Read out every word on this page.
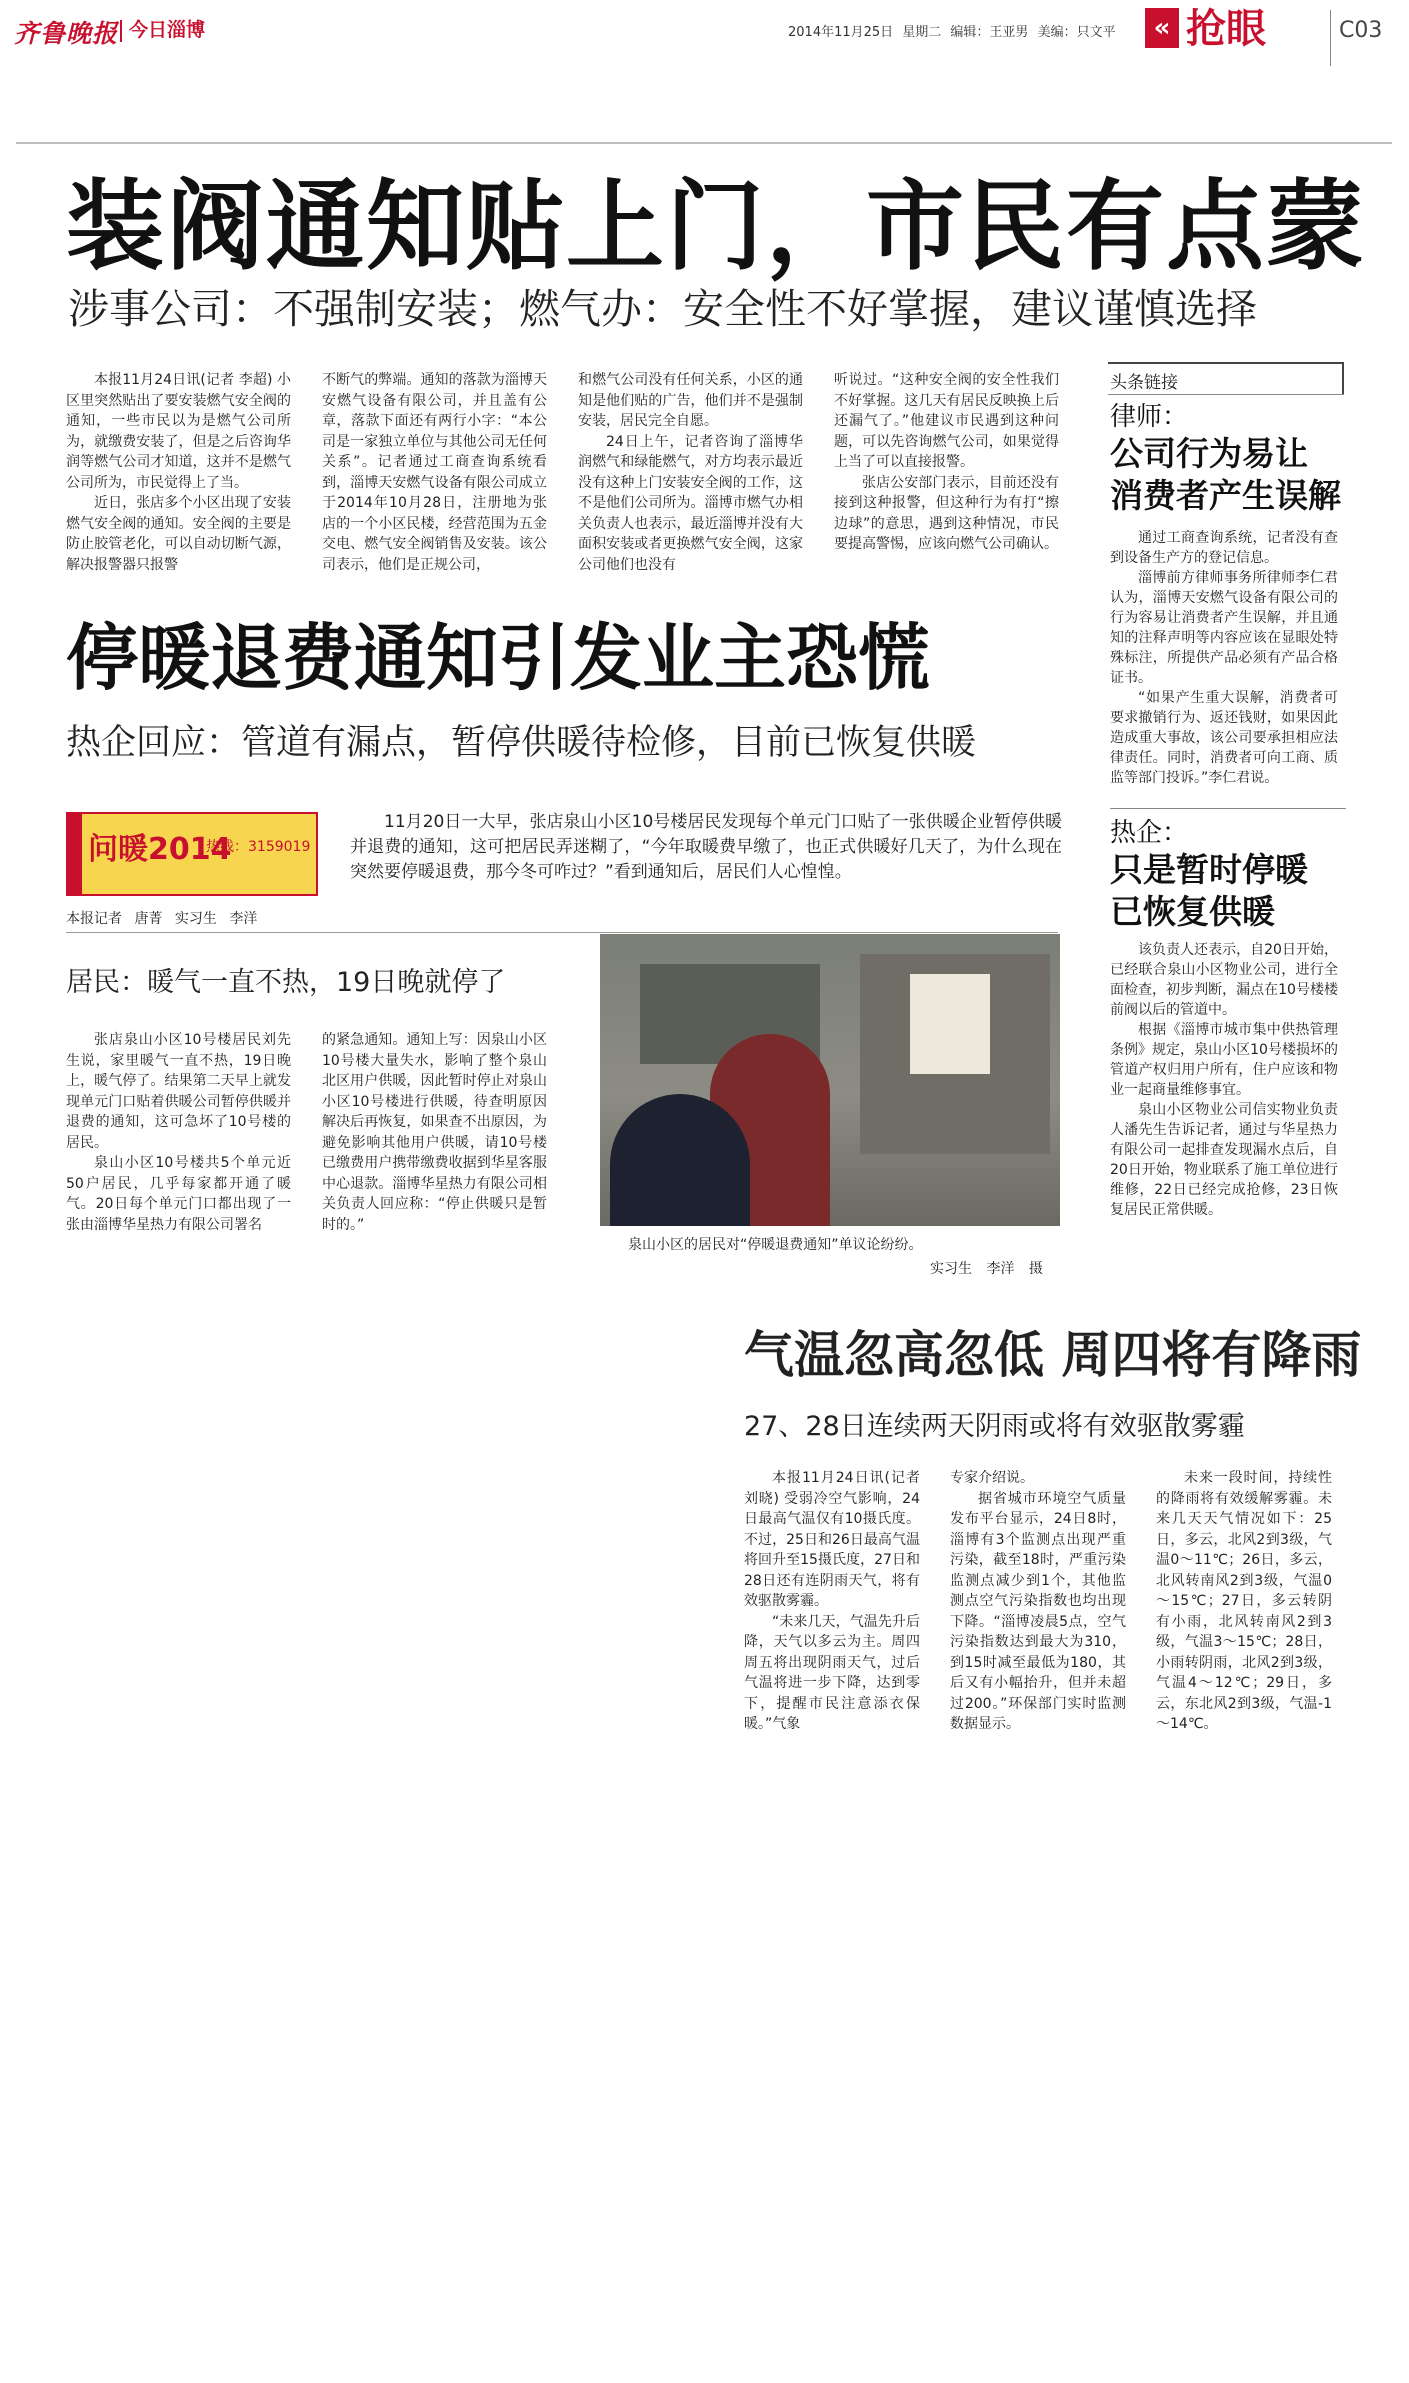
齐鲁晚报 今日淄博	2014年11月25日 星期二 编辑：王亚男 美编：只文平	« 抢眼	C03
装阀通知贴上门，市民有点蒙
涉事公司：不强制安装；燃气办：安全性不好掌握，建议谨慎选择

本报11月24日讯(记者 李超) 小区里突然贴出了要安装燃气安全阀的通知，一些市民以为是燃气公司所为，就缴费安装了，但是之后咨询华润等燃气公司才知道，这并不是燃气公司所为，市民觉得上了当。

近日，张店多个小区出现了安装燃气安全阀的通知。安全阀的主要是防止胶管老化，可以自动切断气源，解决报警器只报警

不断气的弊端。通知的落款为淄博天安燃气设备有限公司，并且盖有公章，落款下面还有两行小字：“本公司是一家独立单位与其他公司无任何关系”。记者通过工商查询系统看到，淄博天安燃气设备有限公司成立于2014年10月28日，注册地为张店的一个小区民楼，经营范围为五金交电、燃气安全阀销售及安装。该公司表示，他们是正规公司，

和燃气公司没有任何关系，小区的通知是他们贴的广告，他们并不是强制安装，居民完全自愿。

24日上午，记者咨询了淄博华润燃气和绿能燃气，对方均表示最近没有这种上门安装安全阀的工作，这不是他们公司所为。淄博市燃气办相关负责人也表示，最近淄博并没有大面积安装或者更换燃气安全阀，这家公司他们也没有

听说过。“这种安全阀的安全性我们不好掌握。这几天有居民反映换上后还漏气了。”他建议市民遇到这种问题，可以先咨询燃气公司，如果觉得上当了可以直接报警。

张店公安部门表示，目前还没有接到这种报警，但这种行为有打“擦边球”的意思，遇到这种情况，市民要提高警惕，应该向燃气公司确认。

头条链接
律师：
公司行为易让
消费者产生误解

通过工商查询系统，记者没有查到设备生产方的登记信息。

淄博前方律师事务所律师李仁君认为，淄博天安燃气设备有限公司的行为容易让消费者产生误解，并且通知的注释声明等内容应该在显眼处特殊标注，所提供产品必须有产品合格证书。

“如果产生重大误解，消费者可要求撤销行为、返还钱财，如果因此造成重大事故，该公司要承担相应法律责任。同时，消费者可向工商、质监等部门投诉。”李仁君说。

热企：
只是暂时停暖
已恢复供暖

该负责人还表示，自20日开始，已经联合泉山小区物业公司，进行全面检查，初步判断，漏点在10号楼楼前阀以后的管道中。

根据《淄博市城市集中供热管理条例》规定，泉山小区10号楼损坏的管道产权归用户所有，住户应该和物业一起商量维修事宜。

泉山小区物业公司信实物业负责人潘先生告诉记者，通过与华星热力有限公司一起排查发现漏水点后，自20日开始，物业联系了施工单位进行维修，22日已经完成抢修，23日恢复居民正常供暖。

停暖退费通知引发业主恐慌
热企回应：管道有漏点，暂停供暖待检修，目前已恢复供暖
问暖2014
热线：3159019

11月20日一大早，张店泉山小区10号楼居民发现每个单元门口贴了一张供暖企业暂停供暖并退费的通知，这可把居民弄迷糊了，“今年取暖费早缴了，也正式供暖好几天了，为什么现在突然要停暖退费，那今冬可咋过？”看到通知后，居民们人心惶惶。

本报记者 唐菁 实习生 李洋
居民：暖气一直不热，19日晚就停了

张店泉山小区10号楼居民刘先生说，家里暖气一直不热，19日晚上，暖气停了。结果第二天早上就发现单元门口贴着供暖公司暂停供暖并退费的通知，这可急坏了10号楼的居民。

泉山小区10号楼共5个单元近50户居民，几乎每家都开通了暖气。20日每个单元门口都出现了一张由淄博华星热力有限公司署名

的紧急通知。通知上写：因泉山小区10号楼大量失水，影响了整个泉山北区用户供暖，因此暂时停止对泉山小区10号楼进行供暖，待查明原因解决后再恢复，如果查不出原因，为避免影响其他用户供暖，请10号楼已缴费用户携带缴费收据到华星客服中心退款。淄博华星热力有限公司相关负责人回应称：“停止供暖只是暂时的。”

泉山小区的居民对“停暖退费通知”单议论纷纷。
实习生 李洋 摄
气温忽高忽低 周四将有降雨
27、28日连续两天阴雨或将有效驱散雾霾

本报11月24日讯(记者 刘晓) 受弱冷空气影响，24日最高气温仅有10摄氏度。不过，25日和26日最高气温将回升至15摄氏度，27日和28日还有连阴雨天气，将有效驱散雾霾。

“未来几天，气温先升后降，天气以多云为主。周四周五将出现阴雨天气，过后气温将进一步下降，达到零下，提醒市民注意添衣保暖。”气象

专家介绍说。

据省城市环境空气质量发布平台显示，24日8时，淄博有3个监测点出现严重污染，截至18时，严重污染监测点减少到1个，其他监测点空气污染指数也均出现下降。“淄博凌晨5点，空气污染指数达到最大为310，到15时减至最低为180，其后又有小幅抬升，但并未超过200。”环保部门实时监测数据显示。

未来一段时间，持续性的降雨将有效缓解雾霾。未来几天天气情况如下：25日，多云，北风2到3级，气温0～11℃；26日，多云，北风转南风2到3级，气温0～15℃；27日，多云转阴有小雨，北风转南风2到3级，气温3～15℃；28日，小雨转阴雨，北风2到3级，气温4～12℃；29日，多云，东北风2到3级，气温-1～14℃。
